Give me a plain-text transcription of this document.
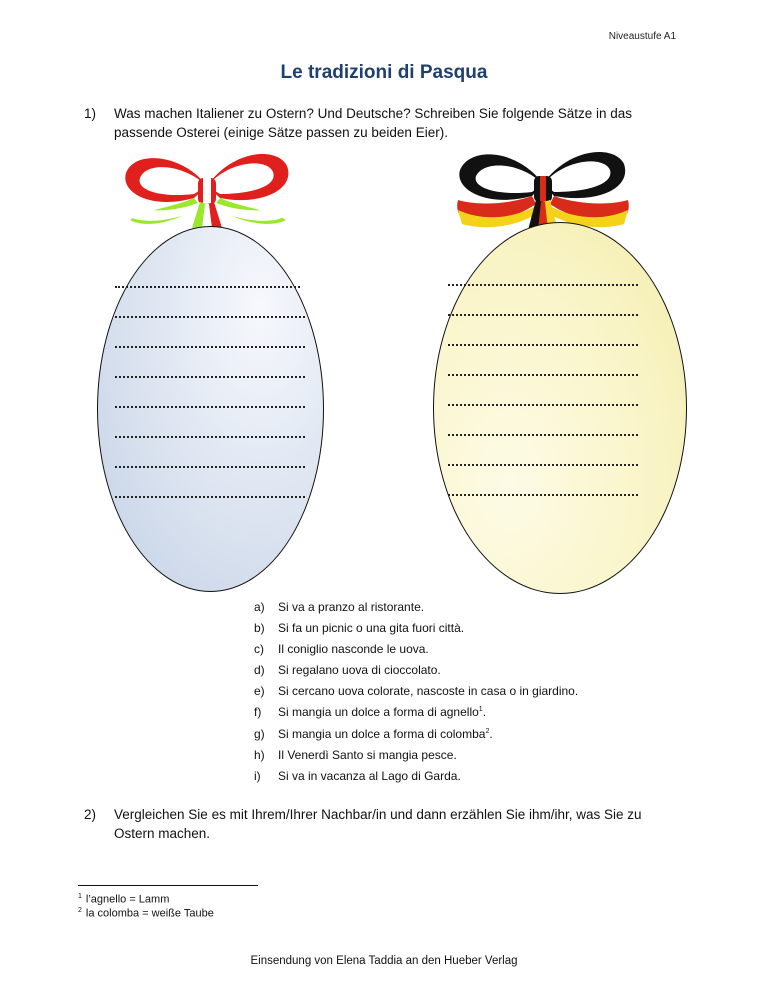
Niveaustufe A1
Le tradizioni di Pasqua
1) Was machen Italiener zu Ostern? Und Deutsche? Schreiben Sie folgende Sätze in das passende Osterei (einige Sätze passen zu beiden Eier).
a) Si va a pranzo al ristorante.
b) Si fa un picnic o una gita fuori città.
c) Il coniglio nasconde le uova.
d) Si regalano uova di cioccolato.
e) Si cercano uova colorate, nascoste in casa o in giardino.
f) Si mangia un dolce a forma di agnello$^1$.
g) Si mangia un dolce a forma di colomba$^2$.
h) Il Venerdì Santo si mangia pesce.
i) Si va in vacanza al Lago di Garda.
2) Vergleichen Sie es mit Ihrem/Ihrer Nachbar/in und dann erzählen Sie ihm/ihr, was Sie zu Ostern machen.
$^1$ l’agnello = Lamm
$^2$ la colomba = weiße Taube
Einsendung von Elena Taddia an den Hueber Verlag
